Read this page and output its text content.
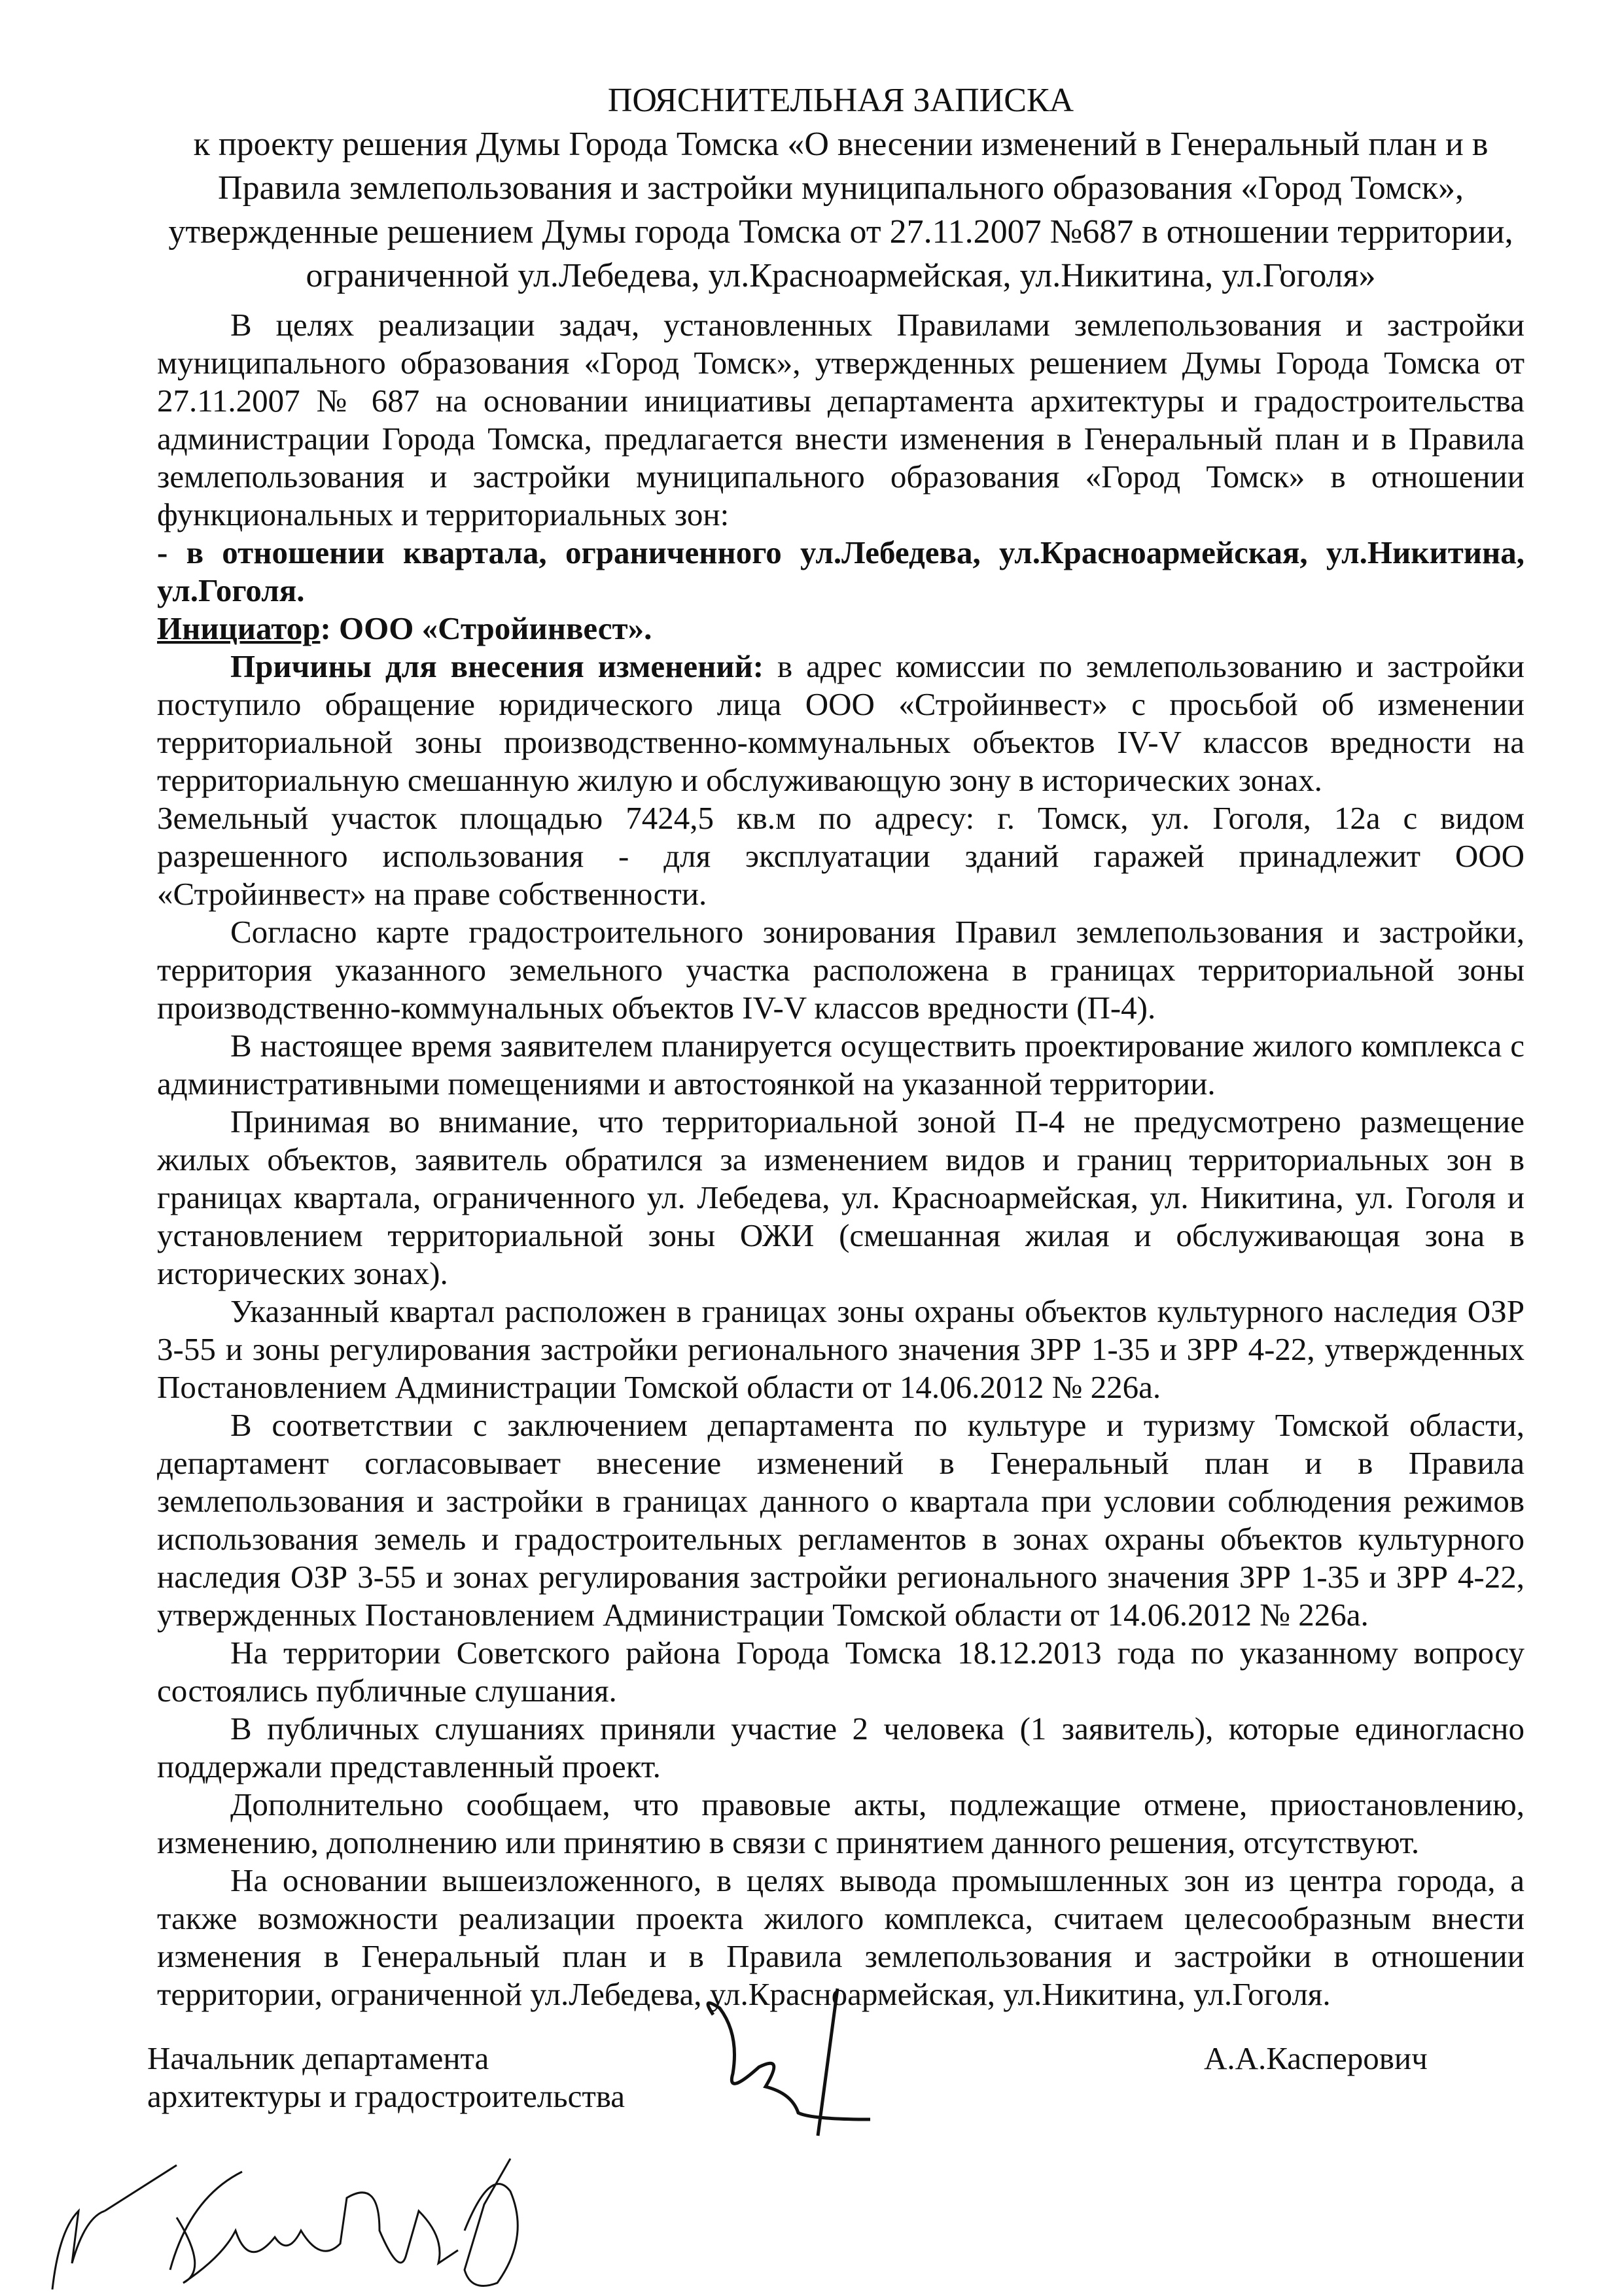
ПОЯСНИТЕЛЬНАЯ ЗАПИСКА
к проекту решения Думы Города Томска «О внесении изменений в Генеральный план и в
Правила землепользования и застройки муниципального образования «Город Томск»,
утвержденные решением Думы города Томска от 27.11.2007 №687 в отношении территории,
ограниченной ул.Лебедева, ул.Красноармейская, ул.Никитина, ул.Гоголя»

В целях реализации задач, установленных Правилами землепользования и застройки муниципального образования «Город Томск», утвержденных решением Думы Города Томска от 27.11.2007 № 687 на основании инициативы департамента архитектуры и градостроительства администрации Города Томска, предлагается внести изменения в Генеральный план и в Правила землепользования и застройки муниципального образования «Город Томск» в отношении функциональных и территориальных зон:

- в отношении квартала, ограниченного ул.Лебедева, ул.Красноармейская, ул.Никитина, ул.Гоголя.

Инициатор: ООО «Стройинвест».

Причины для внесения изменений: в адрес комиссии по землепользованию и застройки поступило обращение юридического лица ООО «Стройинвест» с просьбой об изменении территориальной зоны производственно-коммунальных объектов IV-V классов вредности на территориальную смешанную жилую и обслуживающую зону в исторических зонах.

Земельный участок площадью 7424,5 кв.м по адресу: г. Томск, ул. Гоголя, 12а с видом разрешенного использования - для эксплуатации зданий гаражей принадлежит ООО «Стройинвест» на праве собственности.

Согласно карте градостроительного зонирования Правил землепользования и застройки, территория указанного земельного участка расположена в границах территориальной зоны производственно-коммунальных объектов IV-V классов вредности (П-4).

В настоящее время заявителем планируется осуществить проектирование жилого комплекса с административными помещениями и автостоянкой на указанной территории.

Принимая во внимание, что территориальной зоной П-4 не предусмотрено размещение жилых объектов, заявитель обратился за изменением видов и границ территориальных зон в границах квартала, ограниченного ул. Лебедева, ул. Красноармейская, ул. Никитина, ул. Гоголя и установлением территориальной зоны ОЖИ (смешанная жилая и обслуживающая зона в исторических зонах).

Указанный квартал расположен в границах зоны охраны объектов культурного наследия ОЗР 3-55 и зоны регулирования застройки регионального значения ЗРР 1-35 и ЗРР 4-22, утвержденных Постановлением Администрации Томской области от 14.06.2012 № 226а.

В соответствии с заключением департамента по культуре и туризму Томской области, департамент согласовывает внесение изменений в Генеральный план и в Правила землепользования и застройки в границах данного о квартала при условии соблюдения режимов использования земель и градостроительных регламентов в зонах охраны объектов культурного наследия ОЗР 3-55 и зонах регулирования застройки регионального значения ЗРР 1-35 и ЗРР 4-22, утвержденных Постановлением Администрации Томской области от 14.06.2012 № 226а.

На территории Советского района Города Томска 18.12.2013 года по указанному вопросу состоялись публичные слушания.

В публичных слушаниях приняли участие 2 человека (1 заявитель), которые единогласно поддержали представленный проект.

Дополнительно сообщаем, что правовые акты, подлежащие отмене, приостановлению, изменению, дополнению или принятию в связи с принятием данного решения, отсутствуют.

На основании вышеизложенного, в целях вывода промышленных зон из центра города, а также возможности реализации проекта жилого комплекса, считаем целесообразным внести изменения в Генеральный план и в Правила землепользования и застройки в отношении территории, ограниченной ул.Лебедева, ул.Красноармейская, ул.Никитина, ул.Гоголя.

Начальник департамента
архитектуры и градостроительства
А.А.Касперович
